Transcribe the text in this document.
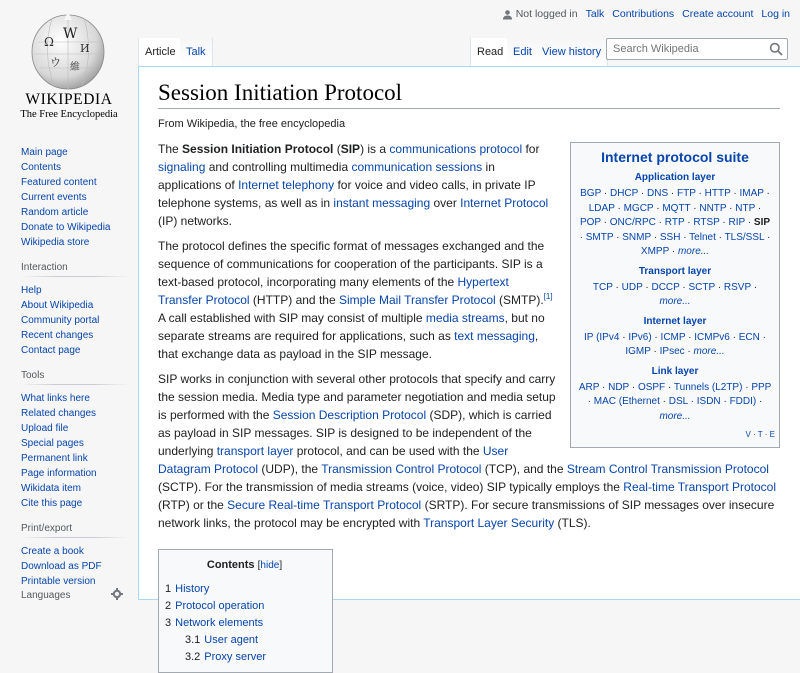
Ω W
И
ウ 維
WIKIPEDIA
The Free Encyclopedia
Not logged in Talk Contributions Create account Log in
Article Talk	Read Edit View history
Search Wikipedia
Main page
Contents
Featured content
Current events
Random article
Donate to Wikipedia
Wikipedia store
Interaction
Help
About Wikipedia
Community portal
Recent changes
Contact page
Tools
What links here
Related changes
Upload file
Special pages
Permanent link
Page information
Wikidata item
Cite this page
Print/export
Create a book
Download as PDF
Printable version
Languages
Session Initiation Protocol
From Wikipedia, the free encyclopedia
Internet protocol suite
Application layer
BGP · DHCP · DNS · FTP · HTTP · IMAP · LDAP · MGCP · MQTT · NNTP · NTP · POP · ONC/RPC · RTP · RTSP · RIP · SIP · SMTP · SNMP · SSH · Telnet · TLS/SSL · XMPP · more...
Transport layer
TCP · UDP · DCCP · SCTP · RSVP · more...
Internet layer
IP (IPv4 · IPv6) · ICMP · ICMPv6 · ECN · IGMP · IPsec · more...
Link layer
ARP · NDP · OSPF · Tunnels (L2TP) · PPP · MAC (Ethernet · DSL · ISDN · FDDI) · more...
V · T · E

The Session Initiation Protocol (SIP) is a communications protocol for signaling and controlling multimedia communication sessions in applications of Internet telephony for voice and video calls, in private IP telephone systems, as well as in instant messaging over Internet Protocol (IP) networks.

The protocol defines the specific format of messages exchanged and the sequence of communications for cooperation of the participants. SIP is a text-based protocol, incorporating many elements of the Hypertext Transfer Protocol (HTTP) and the Simple Mail Transfer Protocol (SMTP).[1] A call established with SIP may consist of multiple media streams, but no separate streams are required for applications, such as text messaging, that exchange data as payload in the SIP message.

SIP works in conjunction with several other protocols that specify and carry the session media. Media type and parameter negotiation and media setup is performed with the Session Description Protocol (SDP), which is carried as payload in SIP messages. SIP is designed to be independent of the underlying transport layer protocol, and can be used with the User Datagram Protocol (UDP), the Transmission Control Protocol (TCP), and the Stream Control Transmission Protocol (SCTP). For the transmission of media streams (voice, video) SIP typically employs the Real-time Transport Protocol (RTP) or the Secure Real-time Transport Protocol (SRTP). For secure transmissions of SIP messages over insecure network links, the protocol may be encrypted with Transport Layer Security (TLS).

Contents [hide]
1 History
2 Protocol operation
3 Network elements
3.1 User agent
3.2 Proxy server
